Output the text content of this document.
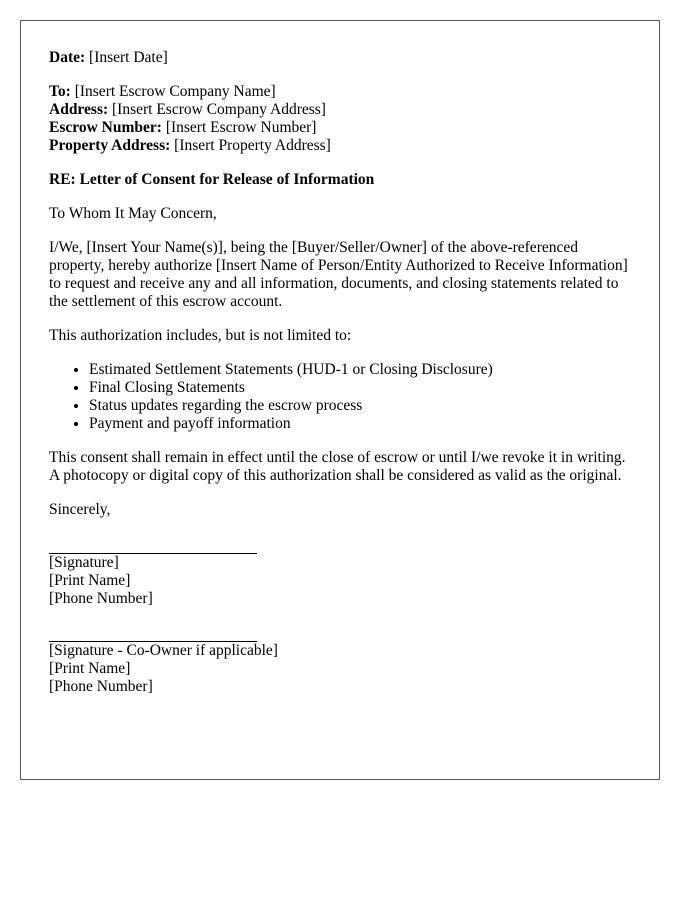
Date: [Insert Date]

To: [Insert Escrow Company Name]

Address: [Insert Escrow Company Address]

Escrow Number: [Insert Escrow Number]

Property Address: [Insert Property Address]

RE: Letter of Consent for Release of Information

To Whom It May Concern,

I/We, [Insert Your Name(s)], being the [Buyer/Seller/Owner] of the above-referenced property, hereby authorize [Insert Name of Person/Entity Authorized to Receive Information] to request and receive any and all information, documents, and closing statements related to the settlement of this escrow account.

This authorization includes, but is not limited to:

• Estimated Settlement Statements (HUD-1 or Closing Disclosure)
• Final Closing Statements
• Status updates regarding the escrow process
• Payment and payoff information

This consent shall remain in effect until the close of escrow or until I/we revoke it in writing. A photocopy or digital copy of this authorization shall be considered as valid as the original.

Sincerely,

[Signature]

[Print Name]

[Phone Number]

[Signature - Co-Owner if applicable]

[Print Name]

[Phone Number]
